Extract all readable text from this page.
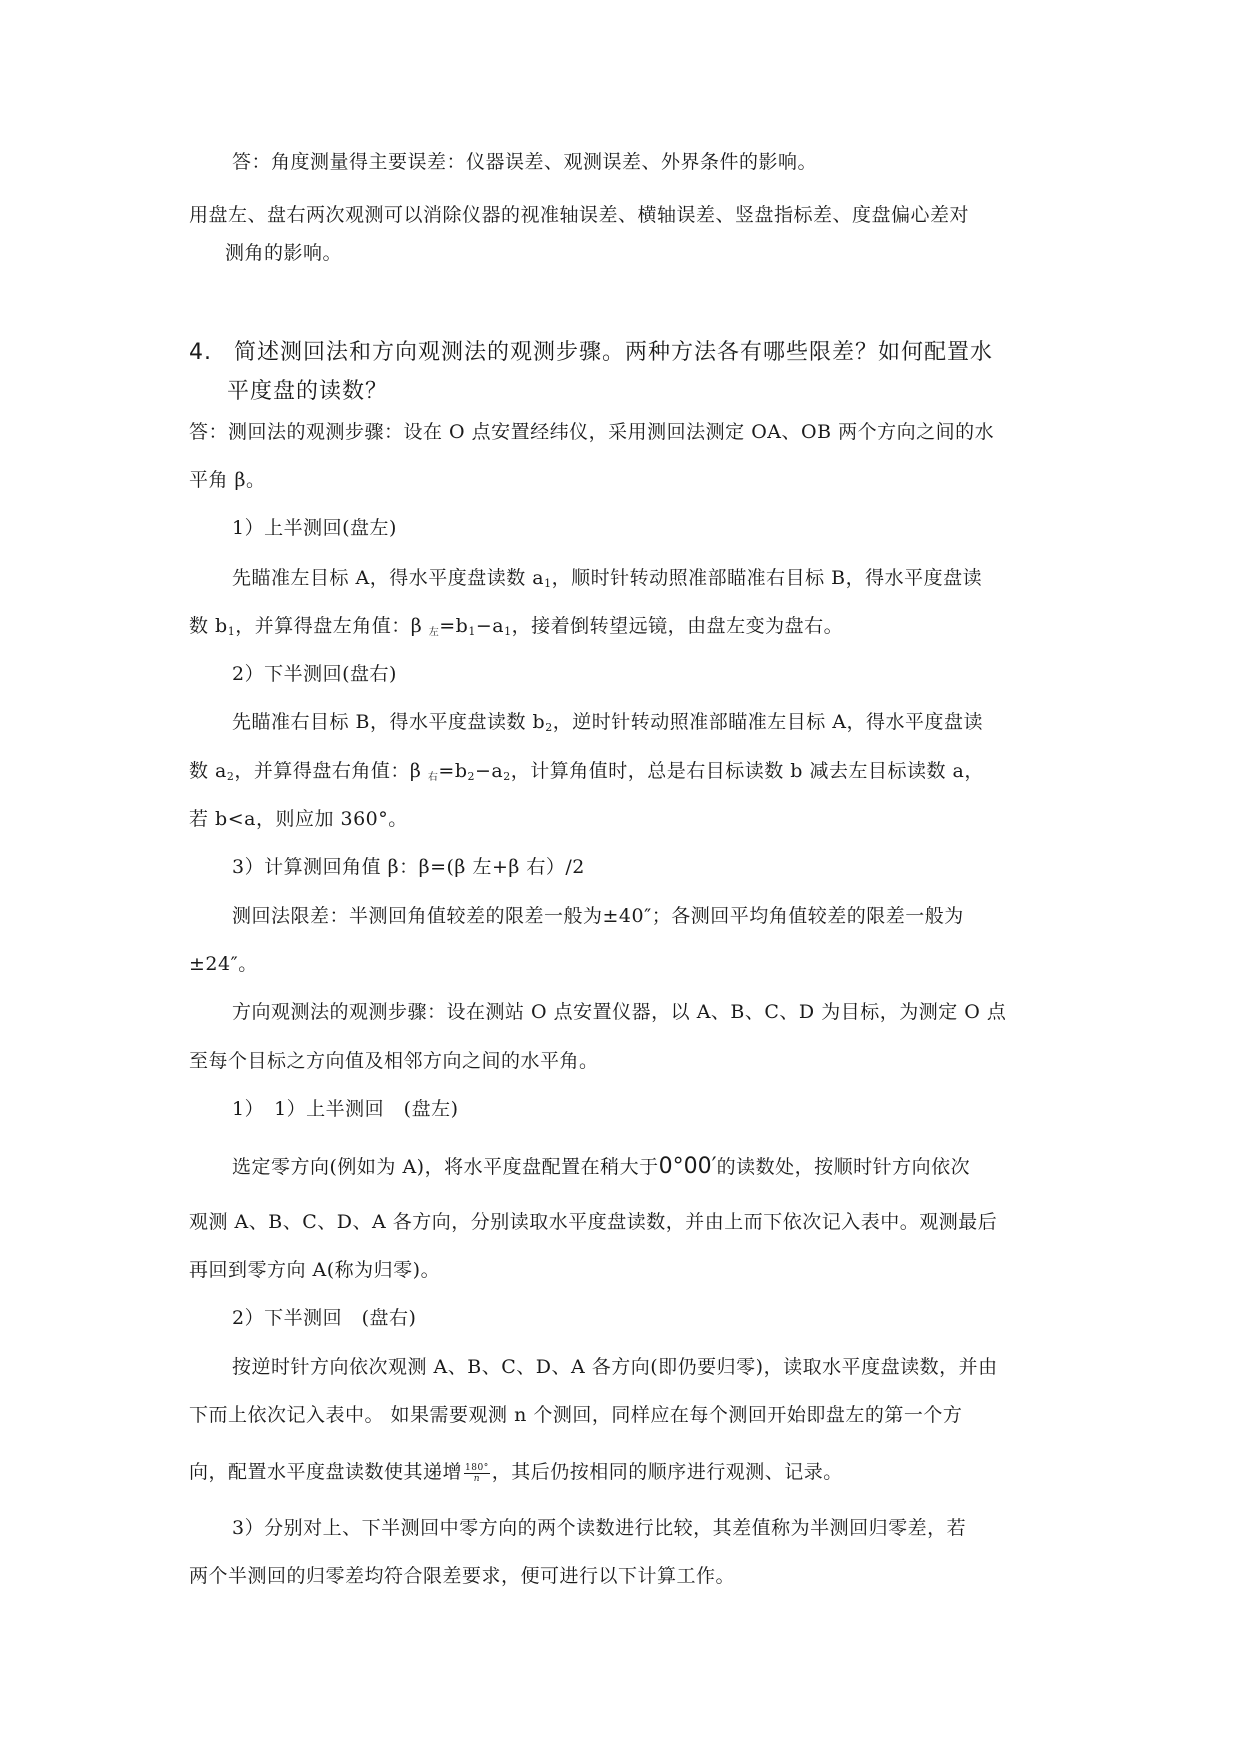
答：角度测量得主要误差：仪器误差、观测误差、外界条件的影响。
用盘左、盘右两次观测可以消除仪器的视准轴误差、横轴误差、竖盘指标差、度盘偏心差对
测角的影响。
4. 简述测回法和方向观测法的观测步骤。两种方法各有哪些限差？如何配置水
平度盘的读数？
答：测回法的观测步骤：设在 O 点安置经纬仪，采用测回法测定 OA、OB 两个方向之间的水
平角 β。
1）上半测回(盘左)
先瞄准左目标 A，得水平度盘读数 $a_1$，顺时针转动照准部瞄准右目标 B，得水平度盘读
数 $b_1$，并算得盘左角值：β 左$=b_1-a_1$，接着倒转望远镜，由盘左变为盘右。
2）下半测回(盘右)
先瞄准右目标 B，得水平度盘读数 $b_2$，逆时针转动照准部瞄准左目标 A，得水平度盘读
数 $a_2$，并算得盘右角值：β 右$=b_2-a_2$，计算角值时，总是右目标读数 b 减去左目标读数 a，
若 b<a，则应加 360°。
3）计算测回角值 β：β=(β 左+β 右）/2
测回法限差：半测回角值较差的限差一般为±40″；各测回平均角值较差的限差一般为
±24″。
方向观测法的观测步骤：设在测站 O 点安置仪器，以 A、B、C、D 为目标，为测定 O 点
至每个目标之方向值及相邻方向之间的水平角。
1）　1）上半测回　(盘左)
选定零方向(例如为 A)，将水平度盘配置在稍大于0°00′的读数处，按顺时针方向依次
观测 A、B、C、D、A 各方向，分别读取水平度盘读数，并由上而下依次记入表中。观测最后
再回到零方向 A(称为归零)。
2）下半测回　(盘右)
按逆时针方向依次观测 A、B、C、D、A 各方向(即仍要归零)，读取水平度盘读数，并由
下而上依次记入表中。 如果需要观测 n 个测回，同样应在每个测回开始即盘左的第一个方
向，配置水平度盘读数使其递增 $\frac{180^\circ}{n}$ ，其后仍按相同的顺序进行观测、记录。
3）分别对上、下半测回中零方向的两个读数进行比较，其差值称为半测回归零差，若
两个半测回的归零差均符合限差要求，便可进行以下计算工作。
